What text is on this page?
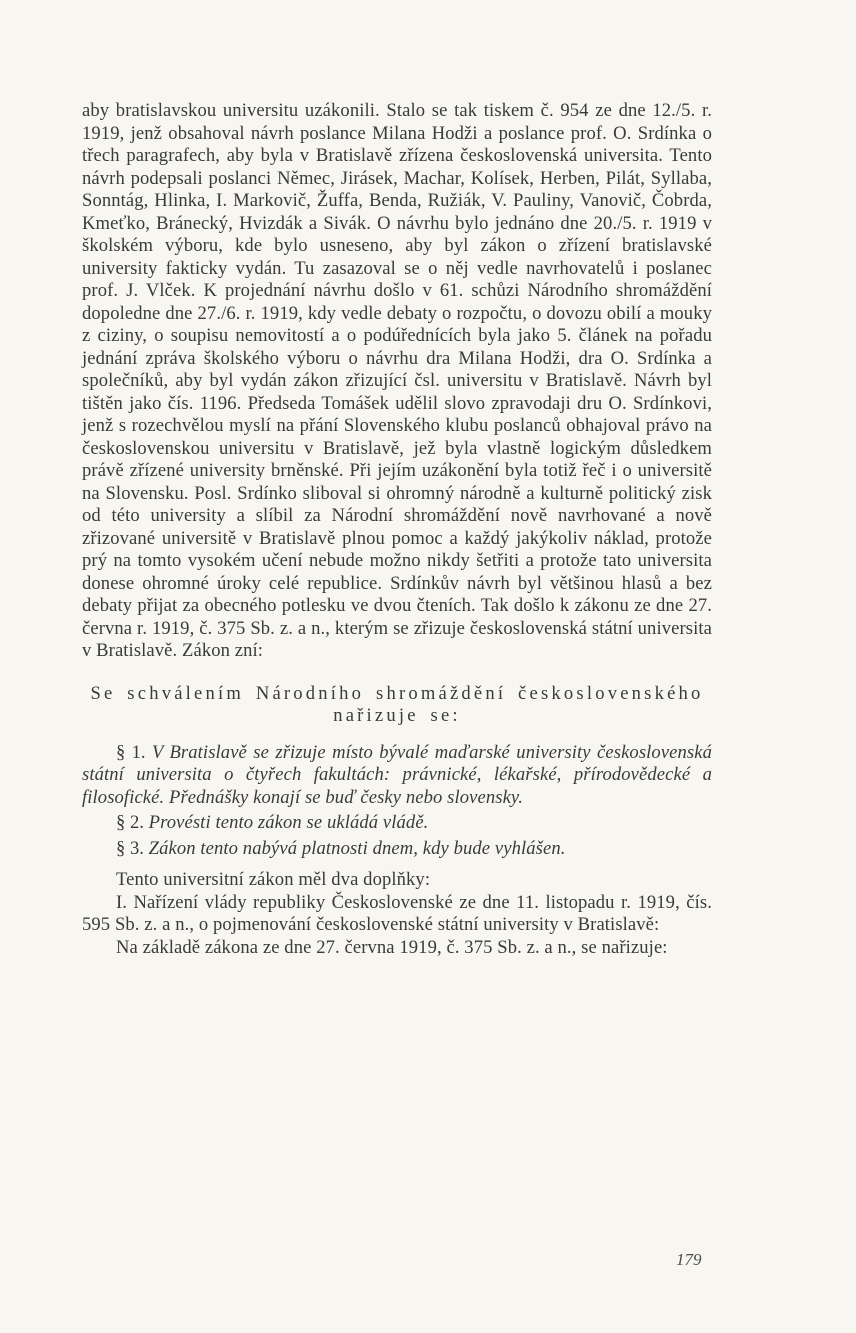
aby bratislavskou universitu uzákonili. Stalo se tak tiskem č. 954 ze dne 12./5. r. 1919, jenž obsahoval návrh poslance Milana Hodži a poslance prof. O. Srdínka o třech paragrafech, aby byla v Bratislavě zřízena československá universita. Tento návrh podepsali poslanci Němec, Jirásek, Machar, Kolísek, Herben, Pilát, Syllaba, Sonntág, Hlinka, I. Markovič, Žuffa, Benda, Ružiák, V. Pauliny, Vanovič, Čobrda, Kmeťko, Bránecký, Hvizdák a Sivák. O návrhu bylo jednáno dne 20./5. r. 1919 v školském výboru, kde bylo usneseno, aby byl zákon o zřízení bratislavské university fakticky vydán. Tu zasazoval se o něj vedle navrhovatelů i poslanec prof. J. Vlček. K projednání návrhu došlo v 61. schůzi Národního shromáždění dopoledne dne 27./6. r. 1919, kdy vedle debaty o rozpočtu, o dovozu obilí a mouky z ciziny, o soupisu nemovitostí a o podúřednících byla jako 5. článek na pořadu jednání zpráva školského výboru o návrhu dra Milana Hodži, dra O. Srdínka a společníků, aby byl vydán zákon zřizující čsl. universitu v Bratislavě. Návrh byl tištěn jako čís. 1196. Předseda Tomášek udělil slovo zpravodaji dru O. Srdínkovi, jenž s rozechvělou myslí na přání Slovenského klubu poslanců obhajoval právo na československou universitu v Bratislavě, jež byla vlastně logickým důsledkem právě zřízené university brněnské. Při jejím uzákonění byla totiž řeč i o universitě na Slovensku. Posl. Srdínko sliboval si ohromný národně a kulturně politický zisk od této university a slíbil za Národní shromáždění nově navrhované a nově zřizované universitě v Bratislavě plnou pomoc a každý jakýkoliv náklad, protože prý na tomto vysokém učení nebude možno nikdy šetřiti a protože tato universita donese ohromné úroky celé republice. Srdínkův návrh byl většinou hlasů a bez debaty přijat za obecného potlesku ve dvou čteních. Tak došlo k zákonu ze dne 27. června r. 1919, č. 375 Sb. z. a n., kterým se zřizuje československá státní universita v Bratislavě. Zákon zní:

Se schválením Národního shromáždění československého nařizuje se:

§ 1. V Bratislavě se zřizuje místo bývalé maďarské university československá státní universita o čtyřech fakultách: právnické, lékařské, přírodovědecké a filosofické. Přednášky konají se buď česky nebo slovensky.

§ 2. Provésti tento zákon se ukládá vládě.

§ 3. Zákon tento nabývá platnosti dnem, kdy bude vyhlášen.

Tento universitní zákon měl dva doplňky:

I. Nařízení vlády republiky Československé ze dne 11. listopadu r. 1919, čís. 595 Sb. z. a n., o pojmenování československé státní university v Bratislavě:

Na základě zákona ze dne 27. června 1919, č. 375 Sb. z. a n., se nařizuje:

179
